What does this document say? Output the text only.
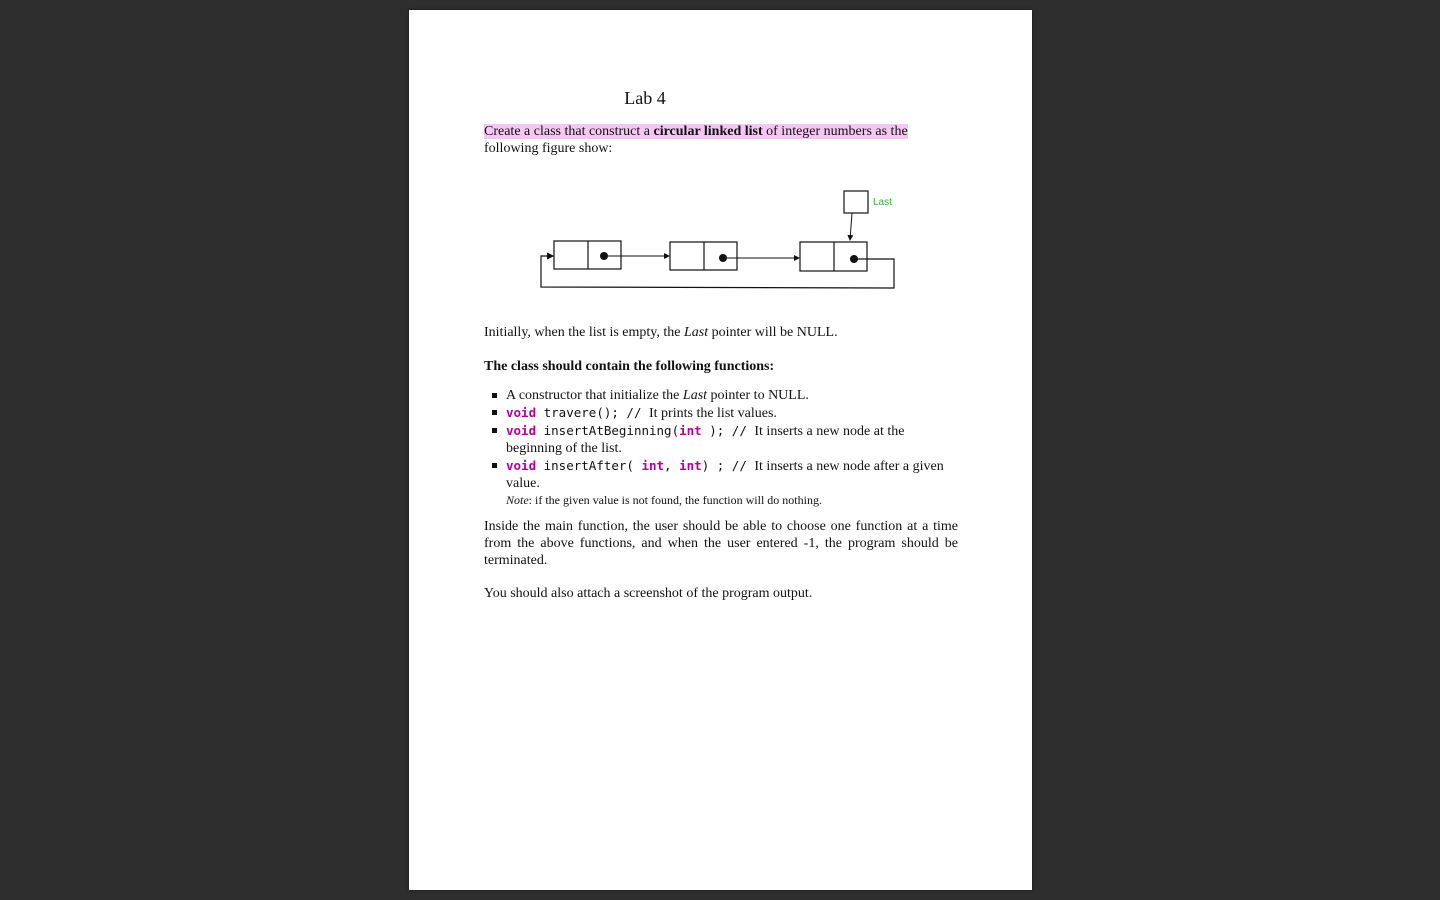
Lab 4
Create a class that construct a circular linked list of integer numbers as the
following figure show:
Last
Initially, when the list is empty, the Last pointer will be NULL.
The class should contain the following functions:
A constructor that initialize the Last pointer to NULL.
void travere(); // It prints the list values.
void insertAtBeginning(int ); // It inserts a new node at the
beginning of the list.
void insertAfter( int, int) ; // It inserts a new node after a given
value.
Note: if the given value is not found, the function will do nothing.
Inside the main function, the user should be able to choose one function at a time from the above functions, and when the user entered -1, the program should be terminated.
You should also attach a screenshot of the program output.
